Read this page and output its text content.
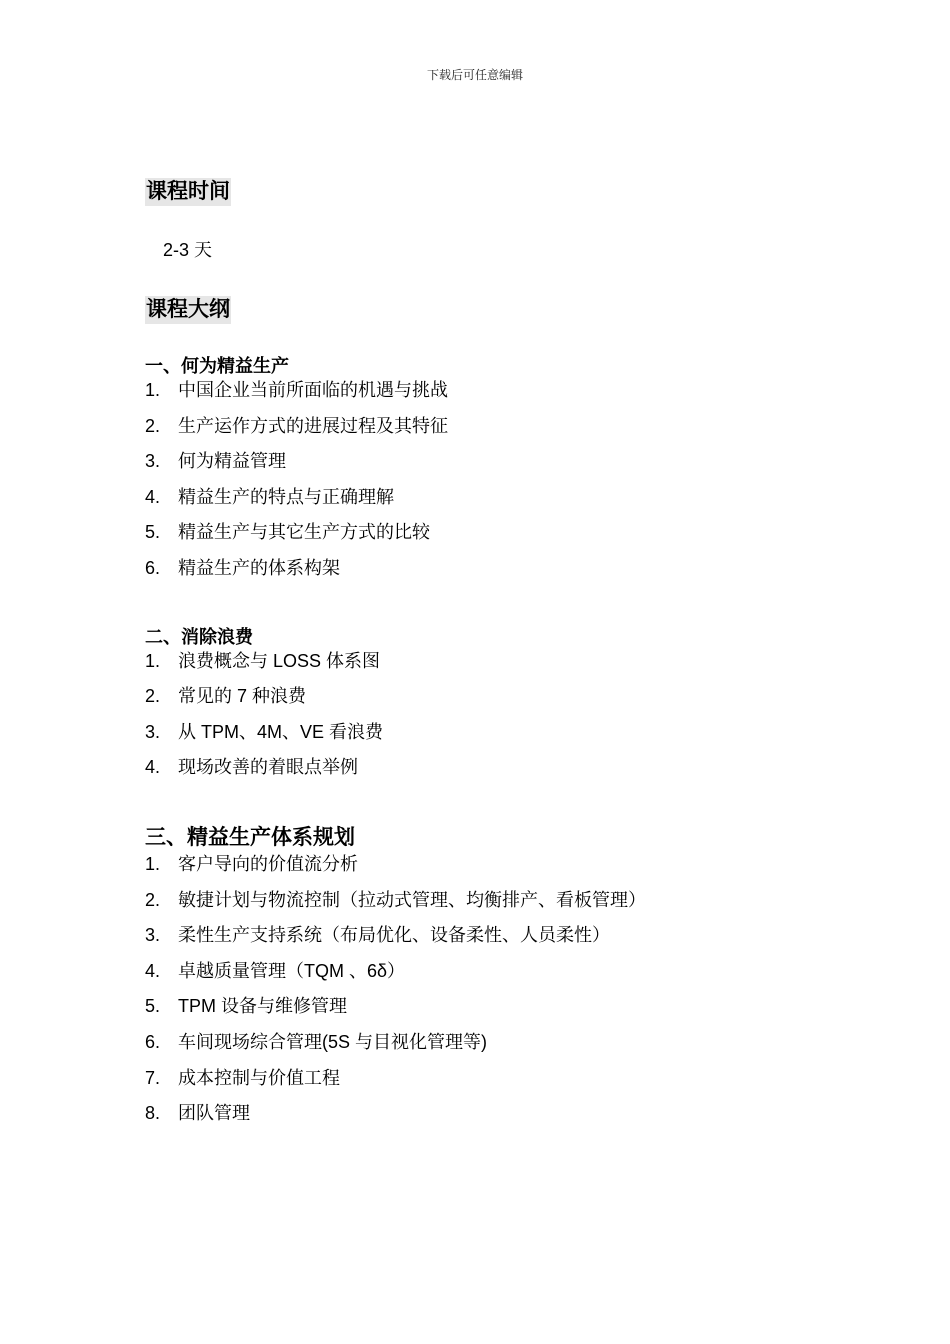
下载后可任意编辑
课程时间
2-3 天
课程大纲
一、何为精益生产
1. 中国企业当前所面临的机遇与挑战
2. 生产运作方式的进展过程及其特征
3. 何为精益管理
4. 精益生产的特点与正确理解
5. 精益生产与其它生产方式的比较
6. 精益生产的体系构架
二、消除浪费
1. 浪费概念与 LOSS 体系图
2. 常见的 7 种浪费
3. 从 TPM、4M、VE 看浪费
4. 现场改善的着眼点举例
三、精益生产体系规划
1. 客户导向的价值流分析
2. 敏捷计划与物流控制（拉动式管理、均衡排产、看板管理）
3. 柔性生产支持系统（布局优化、设备柔性、人员柔性）
4. 卓越质量管理（TQM 、6δ）
5. TPM 设备与维修管理
6. 车间现场综合管理(5S 与目视化管理等)
7. 成本控制与价值工程
8. 团队管理
